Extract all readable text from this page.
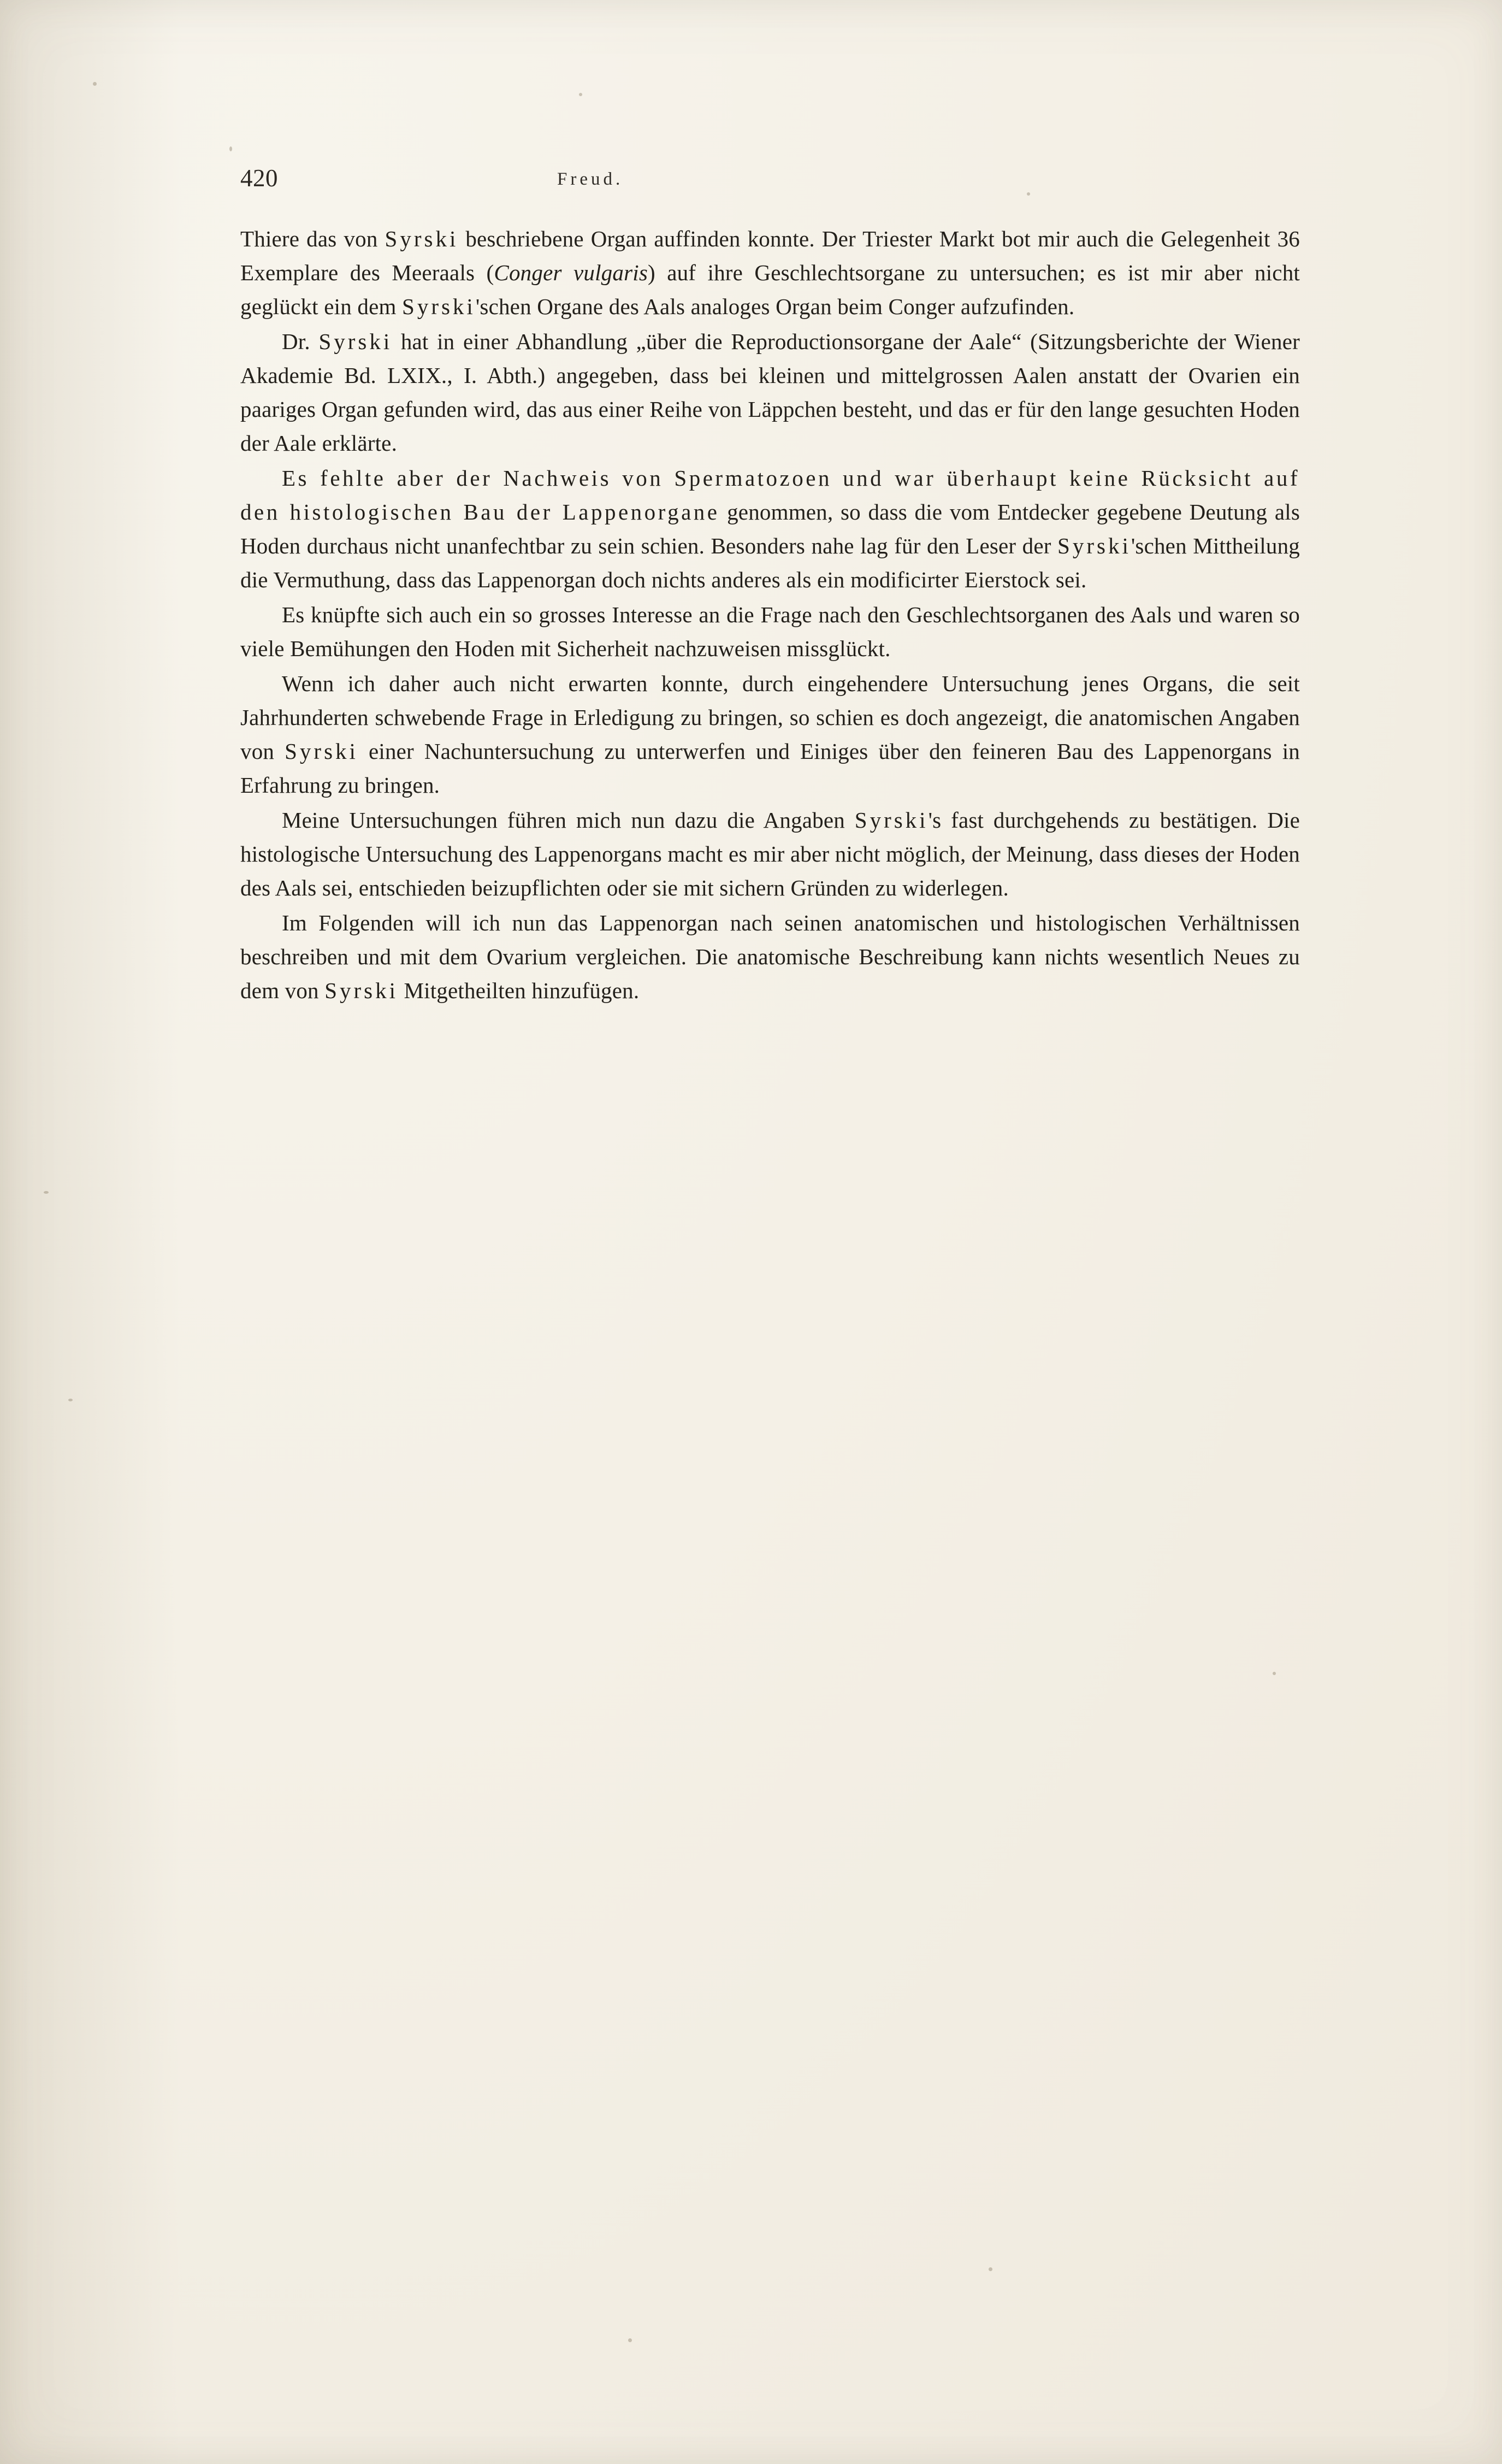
420	Freud.

Thiere das von Syrski beschriebene Organ auffinden konnte. Der Triester Markt bot mir auch die Gelegenheit 36 Exemplare des Meeraals (Conger vulgaris) auf ihre Geschlechtsorgane zu untersuchen; es ist mir aber nicht geglückt ein dem Syrski'schen Organe des Aals analoges Organ beim Conger aufzufinden.

Dr. Syrski hat in einer Abhandlung „über die Reproductionsorgane der Aale“ (Sitzungsberichte der Wiener Akademie Bd. LXIX., I. Abth.) angegeben, dass bei kleinen und mittelgrossen Aalen anstatt der Ovarien ein paariges Organ gefunden wird, das aus einer Reihe von Läppchen besteht, und das er für den lange gesuchten Hoden der Aale erklärte.

Es fehlte aber der Nachweis von Spermatozoen und war überhaupt keine Rücksicht auf den histologischen Bau der Lappenorgane genommen, so dass die vom Entdecker gegebene Deutung als Hoden durchaus nicht unanfechtbar zu sein schien. Besonders nahe lag für den Leser der Syrski'schen Mittheilung die Vermuthung, dass das Lappenorgan doch nichts anderes als ein modificirter Eierstock sei.

Es knüpfte sich auch ein so grosses Interesse an die Frage nach den Geschlechtsorganen des Aals und waren so viele Bemühungen den Hoden mit Sicherheit nachzuweisen missglückt.

Wenn ich daher auch nicht erwarten konnte, durch eingehendere Untersuchung jenes Organs, die seit Jahrhunderten schwebende Frage in Erledigung zu bringen, so schien es doch angezeigt, die anatomischen Angaben von Syrski einer Nachuntersuchung zu unterwerfen und Einiges über den feineren Bau des Lappenorgans in Erfahrung zu bringen.

Meine Untersuchungen führen mich nun dazu die Angaben Syrski's fast durchgehends zu bestätigen. Die histologische Untersuchung des Lappenorgans macht es mir aber nicht möglich, der Meinung, dass dieses der Hoden des Aals sei, entschieden beizupflichten oder sie mit sichern Gründen zu widerlegen.

Im Folgenden will ich nun das Lappenorgan nach seinen anatomischen und histologischen Verhältnissen beschreiben und mit dem Ovarium vergleichen. Die anatomische Beschreibung kann nichts wesentlich Neues zu dem von Syrski Mitgetheilten hinzufügen.
